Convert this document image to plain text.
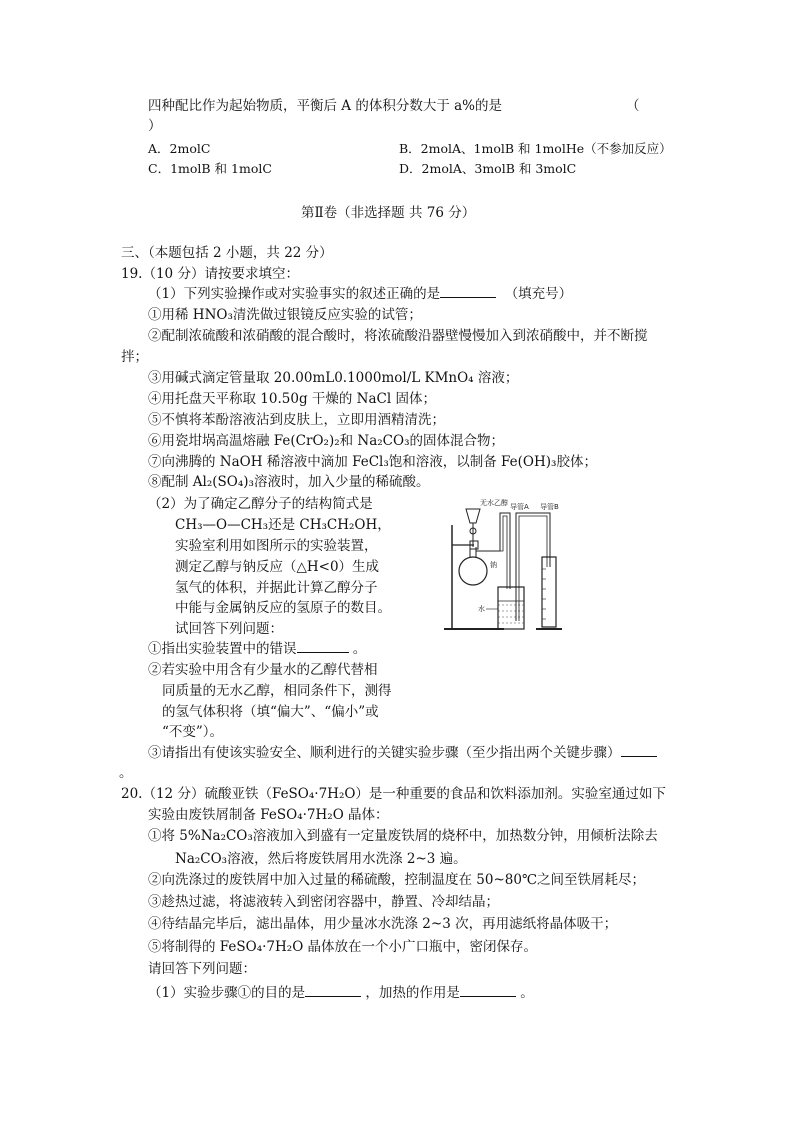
四种配比作为起始物质，平衡后 A 的体积分数大于 a%的是	（
）
A．2molC	B．2molA、1molB 和 1molHe（不参加反应）
C．1molB 和 1molC	D．2molA、3molB 和 3molC
第Ⅱ卷（非选择题 共 76 分）
三、（本题包括 2 小题，共 22 分）
19.（10 分）请按要求填空：
（1）下列实验操作或对实验事实的叙述正确的是	（填充号）
①用稀 HNO₃清洗做过银镜反应实验的试管；
②配制浓硫酸和浓硝酸的混合酸时，将浓硫酸沿器壁慢慢加入到浓硝酸中，并不断搅
拌；
③用碱式滴定管量取 20.00mL0.1000mol/L KMnO₄ 溶液；
④用托盘天平称取 10.50g 干燥的 NaCl 固体；
⑤不慎将苯酚溶液沾到皮肤上，立即用酒精清洗；
⑥用瓷坩埚高温熔融 Fe(CrO₂)₂和 Na₂CO₃的固体混合物；
⑦向沸腾的 NaOH 稀溶液中滴加 FeCl₃饱和溶液，以制备 Fe(OH)₃胶体；
⑧配制 Al₂(SO₄)₃溶液时，加入少量的稀硫酸。
（2）为了确定乙醇分子的结构简式是
CH₃—O—CH₃还是 CH₃CH₂OH，
实验室利用如图所示的实验装置，
测定乙醇与钠反应（△H<0）生成
氢气的体积，并据此计算乙醇分子
中能与金属钠反应的氢原子的数目。
试回答下列问题：
①指出实验装置中的错误	。
②若实验中用含有少量水的乙醇代替相
同质量的无水乙醇，相同条件下，测得
的氢气体积将（填“偏大”、“偏小”或
“不变”）。
③请指出有使该实验安全、顺利进行的关键实验步骤（至少指出两个关键步骤）
。
无水乙醇
钠
导管A
水
导管B
20.（12 分）硫酸亚铁（FeSO₄·7H₂O）是一种重要的食品和饮料添加剂。实验室通过如下
实验由废铁屑制备 FeSO₄·7H₂O 晶体：
①将 5%Na₂CO₃溶液加入到盛有一定量废铁屑的烧杯中，加热数分钟，用倾析法除去
Na₂CO₃溶液，然后将废铁屑用水洗涤 2~3 遍。
②向洗涤过的废铁屑中加入过量的稀硫酸，控制温度在 50~80℃之间至铁屑耗尽；
③趁热过滤，将滤液转入到密闭容器中，静置、冷却结晶；
④待结晶完毕后，滤出晶体，用少量冰水洗涤 2~3 次，再用滤纸将晶体吸干；
⑤将制得的 FeSO₄·7H₂O 晶体放在一个小广口瓶中，密闭保存。
请回答下列问题：
（1）实验步骤①的目的是	，加热的作用是	。
